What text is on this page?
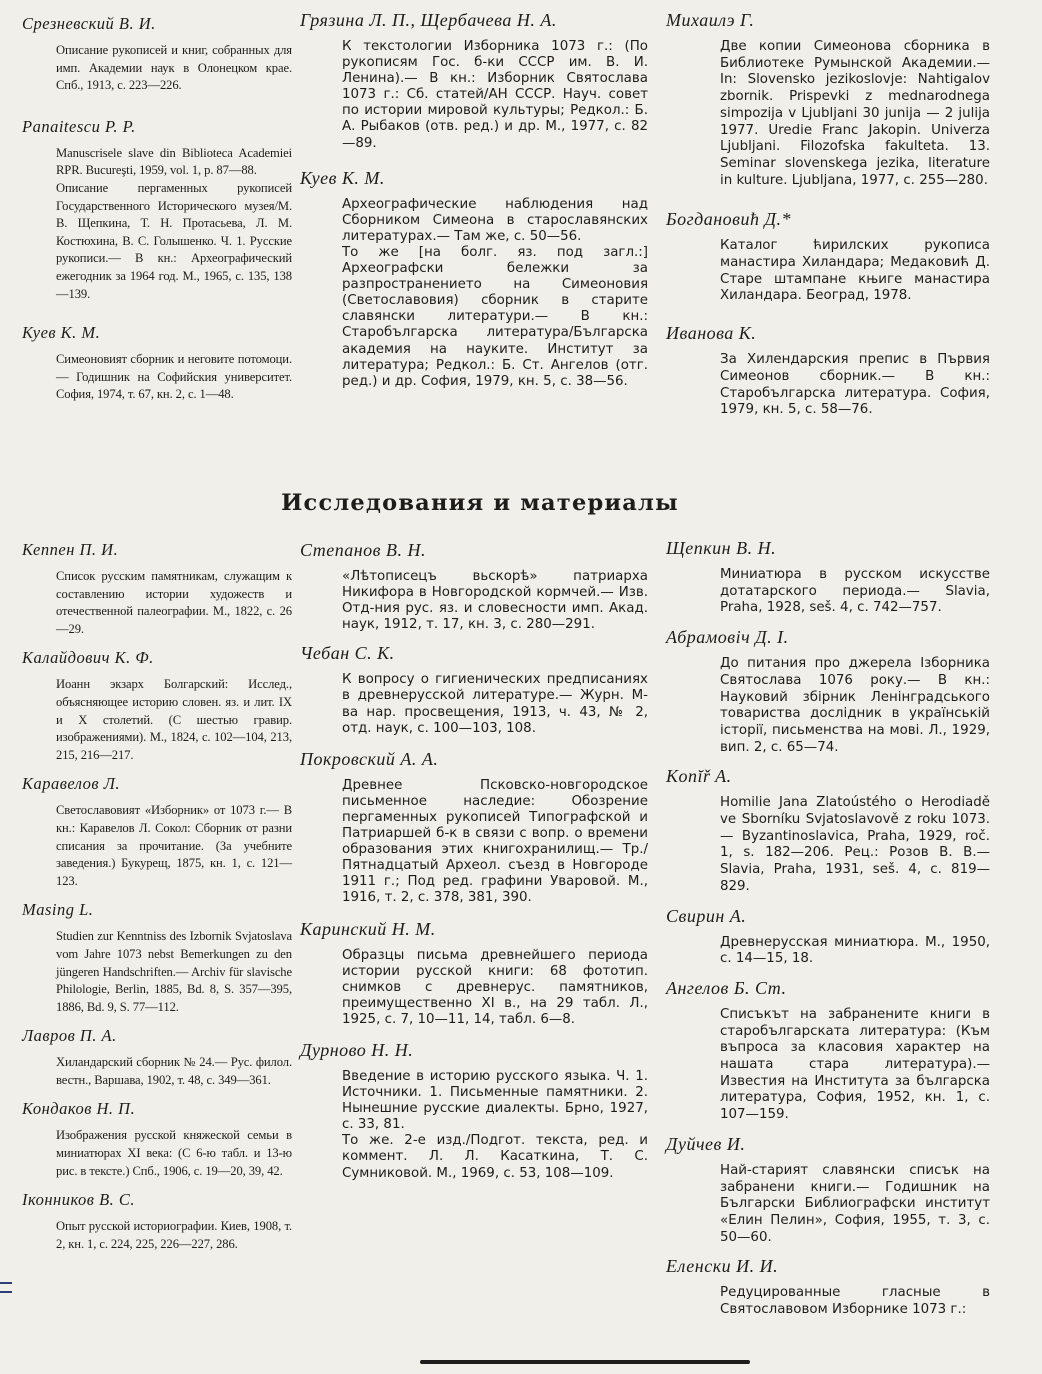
Срезневский В. И.

Описание рукописей и книг, собранных для имп. Академии наук в Олонецком крае. Спб., 1913, с. 223—226.

Panaitescu P. P.

Manuscrisele slave din Biblioteca Academiei RPR. Bucureşti, 1959, vol. 1, p. 87—88.

Описание пергаменных рукописей Государственного Исторического музея/М. В. Щепкина, Т. Н. Протасьева, Л. М. Костюхина, В. С. Голышенко. Ч. 1. Русские рукописи.— В кн.: Археографический ежегодник за 1964 год. М., 1965, с. 135, 138—139.

Куев К. М.

Симеоновият сборник и неговите потомоци.— Годишник на Софийския университет. София, 1974, т. 67, кн. 2, с. 1—48.

Грязина Л. П., Щербачева Н. А.

К текстологии Изборника 1073 г.: (По рукописям Гос. б-ки СССР им. В. И. Ленина).— В кн.: Изборник Святослава 1073 г.: Сб. статей/АН СССР. Науч. совет по истории мировой культуры; Редкол.: Б. А. Рыбаков (отв. ред.) и др. М., 1977, с. 82—89.

Куев К. М.

Археографические наблюдения над Сборником Симеона в старославянских литературах.— Там же, с. 50—56.

То же [на болг. яз. под загл.:] Археографски бележки за разпространението на Симеоновия (Светославовия) сборник в старите славянски литератури.— В кн.: Старобългарска литература/Българска академия на науките. Институт за литература; Редкол.: Б. Ст. Ангелов (отг. ред.) и др. София, 1979, кн. 5, с. 38—56.

Михаилэ Г.

Две копии Симеонова сборника в Библиотеке Румынской Академии.— In: Slovensko jezikoslovje: Nahtigalov zbornik. Prispevki z mednarodnega simpozija v Ljubljani 30 junija — 2 julija 1977. Uredie Franc Jakopin. Univerza Ljubljani. Filozofska fakulteta. 13. Seminar slovenskega jezika, literature in kulture. Ljubljana, 1977, c. 255—280.

Богдановић Д.*

Каталог ћирилских рукописа манастира Хиландара; Медаковић Д. Старе штампане књиге манастира Хиландара. Београд, 1978.

Иванова К.

За Хилендарския препис в Първия Симеонов сборник.— В кн.: Старобългарска литература. София, 1979, кн. 5, с. 58—76.

Исследования и материалы
Кеппен П. И.

Список русским памятникам, служащим к составлению истории художеств и отечественной палеографии. М., 1822, с. 26—29.

Калайдович К. Ф.

Иоанн экзарх Болгарский: Исслед., объясняющее историю словен. яз. и лит. IX и X столетий. (С шестью гравир. изображениями). М., 1824, с. 102—104, 213, 215, 216—217.

Каравелов Л.

Светославовият «Изборник» от 1073 г.— В кн.: Каравелов Л. Сокол: Сборник от разни списания за прочитание. (За учебните заведения.) Букурещ, 1875, кн. 1, с. 121—123.

Masing L.

Studien zur Kenntniss des Izbornik Svjatoslava vom Jahre 1073 nebst Bemerkungen zu den jüngeren Handschriften.— Archiv für slavische Philologie, Berlin, 1885, Bd. 8, S. 357—395, 1886, Bd. 9, S. 77—112.

Лавров П. А.

Хиландарский сборник № 24.— Рус. филол. вестн., Варшава, 1902, т. 48, с. 349—361.

Кондаков Н. П.

Изображения русской княжеской семьи в миниатюрах XI века: (С 6-ю табл. и 13-ю рис. в тексте.) Спб., 1906, с. 19—20, 39, 42.

Іконников В. С.

Опыт русской историографии. Киев, 1908, т. 2, кн. 1, с. 224, 225, 226—227, 286.

Степанов В. Н.

«Лѣтописецъ вьскорѣ» патриарха Никифора в Новгородской кормчей.— Изв. Отд-ния рус. яз. и словесности имп. Акад. наук, 1912, т. 17, кн. 3, с. 280—291.

Чебан С. К.

К вопросу о гигиенических предписаниях в древнерусской литературе.— Журн. М-ва нар. просвещения, 1913, ч. 43, № 2, отд. наук, с. 100—103, 108.

Покровский А. А.

Древнее Псковско-новгородское письменное наследие: Обозрение пергаменных рукописей Типографской и Патриаршей б-к в связи с вопр. о времени образования этих книгохранилищ.— Тр./Пятнадцатый Археол. съезд в Новгороде 1911 г.; Под ред. графини Уваровой. М., 1916, т. 2, с. 378, 381, 390.

Каринский Н. М.

Образцы письма древнейшего периода истории русской книги: 68 фототип. снимков с древнерус. памятников, преимущественно XI в., на 29 табл. Л., 1925, с. 7, 10—11, 14, табл. 6—8.

Дурново Н. Н.

Введение в историю русского языка. Ч. 1. Источники. 1. Письменные памятники. 2. Нынешние русские диалекты. Брно, 1927, с. 33, 81.

То же. 2-е изд./Подгот. текста, ред. и коммент. Л. Л. Касаткина, Т. С. Сумниковой. М., 1969, с. 53, 108—109.

Щепкин В. Н.

Миниатюра в русском искусстве дотатарского периода.— Slavia, Praha, 1928, seš. 4, c. 742—757.

Абрамовіч Д. І.

До питания про джерела Ізборника Святослава 1076 року.— В кн.: Науковий збірник Ленінградського товариства дослідник в українській історії, письменства на мові. Л., 1929, вип. 2, с. 65—74.

Konĭř A.

Homilie Jana Zlatoústého o Herodiadě ve Sborníku Svjatoslavově z roku 1073.— Byzantinoslavica, Praha, 1929, roč. 1, s. 182—206. Рец.: Розов В. В.— Slavia, Praha, 1931, seš. 4, с. 819—829.

Свирин А.

Древнерусская миниатюра. М., 1950, с. 14—15, 18.

Ангелов Б. Ст.

Списъкът на забранените книги в старобългарската литература: (Към въпроса за класовия характер на нашата стара литература).— Известия на Института за българска литература, София, 1952, кн. 1, с. 107—159.

Дуйчев И.

Най-старият славянски списък на забрaнени книги.— Годишник на Български Библиографски институт «Елин Пелин», София, 1955, т. 3, с. 50—60.

Еленски И. И.

Редуцированные гласные в Святославовом Изборнике 1073 г.:
